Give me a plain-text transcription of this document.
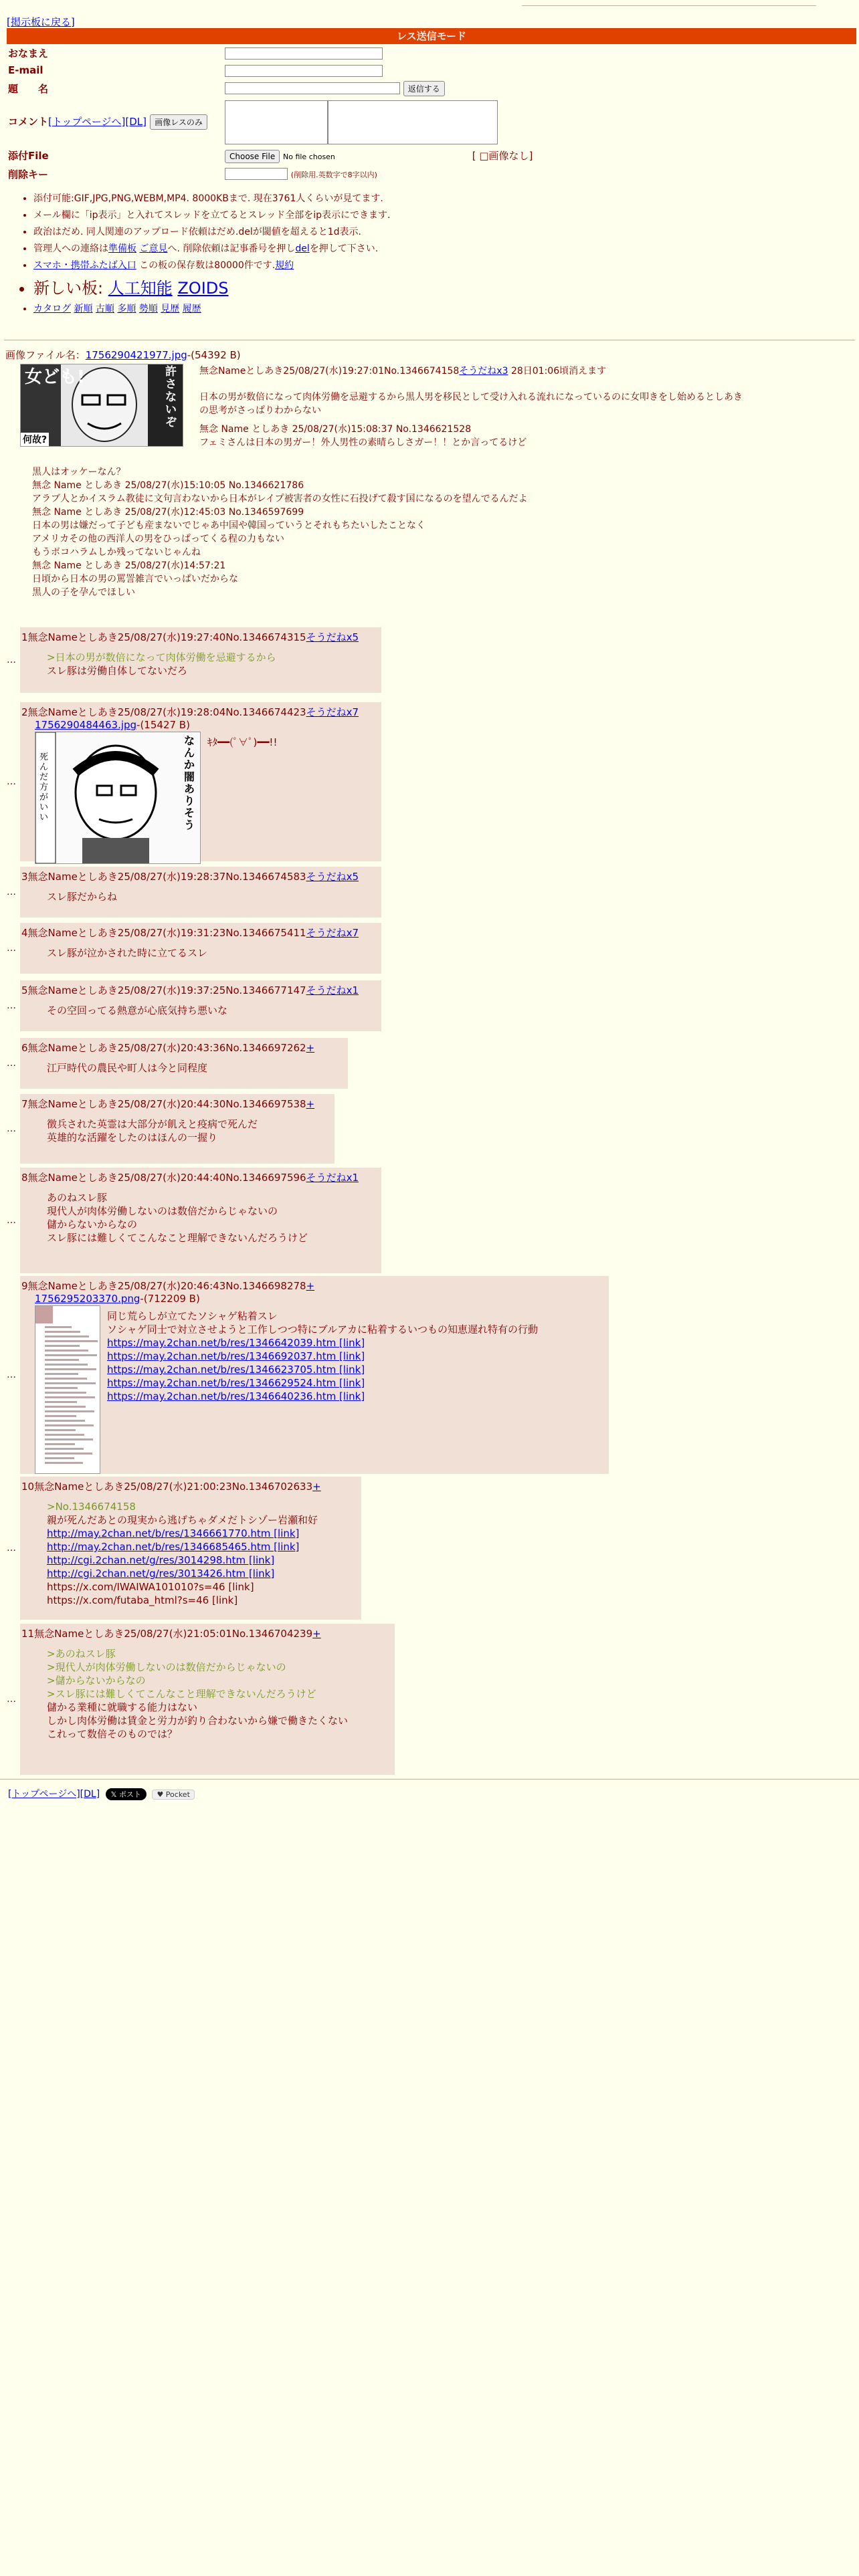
[掲示板に戻る]
レス送信モード
おなまえ	
E-mail	
題　　名	返信する
コメント[トップページへ][DL] 画像レスのみ	

添付File	Choose File No file chosen [ □画像なし]
削除キー	(削除用.英数字で8字以内)
• 添付可能:GIF,JPG,PNG,WEBM,MP4. 8000KBまで. 現在3761人くらいが見てます.
• メール欄に「ip表示」と入れてスレッドを立てるとスレッド全部をip表示にできます.
• 政治はだめ. 同人関連のアップロード依頼はだめ.delが閾値を超えると1d表示.
• 管理人への連絡は準備板 ご意見へ. 削除依頼は記事番号を押しdelを押して下さい.
• スマホ・携帯ふたば入口 この板の保存数は80000件です.規約
• 新しい板: 人工知能 ZOIDS
• カタログ 新順 古順 多順 勢順 見歴 履歴
画像ファイル名：1756290421977.jpg-(54392 B)
女ども!	許さないぞ
何故?
無念Nameとしあき25/08/27(水)19:27:01No.1346674158そうだねx3 28日01:06頃消えます
日本の男が数倍になって肉体労働を忌避するから黒人男を移民として受け入れる流れになっているのに女叩きをし始めるとしあき
の思考がさっぱりわからない
無念 Name としあき 25/08/27(水)15:08:37 No.1346621528
フェミさんは日本の男ガー！外人男性の素晴らしさガー！！とか言ってるけど
黒人はオッケーなん？
無念 Name としあき 25/08/27(水)15:10:05 No.1346621786
アラブ人とかイスラム教徒に文句言わないから日本がレイプ被害者の女性に石投げて殺す国になるのを望んでるんだよ
無念 Name としあき 25/08/27(水)12:45:03 No.1346597699
日本の男は嫌だって子ども産まないでじゃあ中国や韓国っていうとそれもちたいしたことなく
アメリカその他の西洋人の男をひっぱってくる程の力もない
もうボコハラムしか残ってないじゃんね
無念 Name としあき 25/08/27(水)14:57:21
日頃から日本の男の罵詈雑言でいっぱいだからな
黒人の子を孕んでほしい
…
1無念Nameとしあき25/08/27(水)19:27:40No.1346674315そうだねx5
>日本の男が数倍になって肉体労働を忌避するから
スレ豚は労働自体してないだろ
…
2無念Nameとしあき25/08/27(水)19:28:04No.1346674423そうだねx7
1756290484463.jpg-(15427 B)
なんか闇ありそう
死んだ方がいい
ｷﾀ━━(ﾟ∀ﾟ)━━!!
…
3無念Nameとしあき25/08/27(水)19:28:37No.1346674583そうだねx5
スレ豚だからね
…
4無念Nameとしあき25/08/27(水)19:31:23No.1346675411そうだねx7
スレ豚が泣かされた時に立てるスレ
…
5無念Nameとしあき25/08/27(水)19:37:25No.1346677147そうだねx1
その空回ってる熱意が心底気持ち悪いな
…
6無念Nameとしあき25/08/27(水)20:43:36No.1346697262+
江戸時代の農民や町人は今と同程度
…
7無念Nameとしあき25/08/27(水)20:44:30No.1346697538+
徴兵された英霊は大部分が飢えと疫病で死んだ
英雄的な活躍をしたのはほんの一握り
…
8無念Nameとしあき25/08/27(水)20:44:40No.1346697596そうだねx1
あのねスレ豚
現代人が肉体労働しないのは数倍だからじゃないの
儲からないからなの
スレ豚には難しくてこんなこと理解できないんだろうけど
…
9無念Nameとしあき25/08/27(水)20:46:43No.1346698278+
1756295203370.png-(712209 B)
同じ荒らしが立てたソシャゲ粘着スレ
ソシャゲ同士で対立させようと工作しつつ特にブルアカに粘着するいつもの知恵遅れ特有の行動
https://may.2chan.net/b/res/1346642039.htm [link]
https://may.2chan.net/b/res/1346692037.htm [link]
https://may.2chan.net/b/res/1346623705.htm [link]
https://may.2chan.net/b/res/1346629524.htm [link]
https://may.2chan.net/b/res/1346640236.htm [link]
…
10無念Nameとしあき25/08/27(水)21:00:23No.1346702633+
>No.1346674158
親が死んだあとの現実から逃げちゃダメだトシゾー岩瀬和好
http://may.2chan.net/b/res/1346661770.htm [link]
http://may.2chan.net/b/res/1346685465.htm [link]
http://cgi.2chan.net/g/res/3014298.htm [link]
http://cgi.2chan.net/g/res/3013426.htm [link]
https://x.com/IWAIWA101010?s=46 [link]
https://x.com/futaba_html?s=46 [link]
…
11無念Nameとしあき25/08/27(水)21:05:01No.1346704239+
>あのねスレ豚
>現代人が肉体労働しないのは数倍だからじゃないの
>儲からないからなの
>スレ豚には難しくてこんなこと理解できないんだろうけど
儲かる業種に就職する能力はない
しかし肉体労働は賃金と労力が釣り合わないから嫌で働きたくない
これって数倍そのものでは？
[トップページへ][DL] 𝕏 ポスト ♥ Pocket
